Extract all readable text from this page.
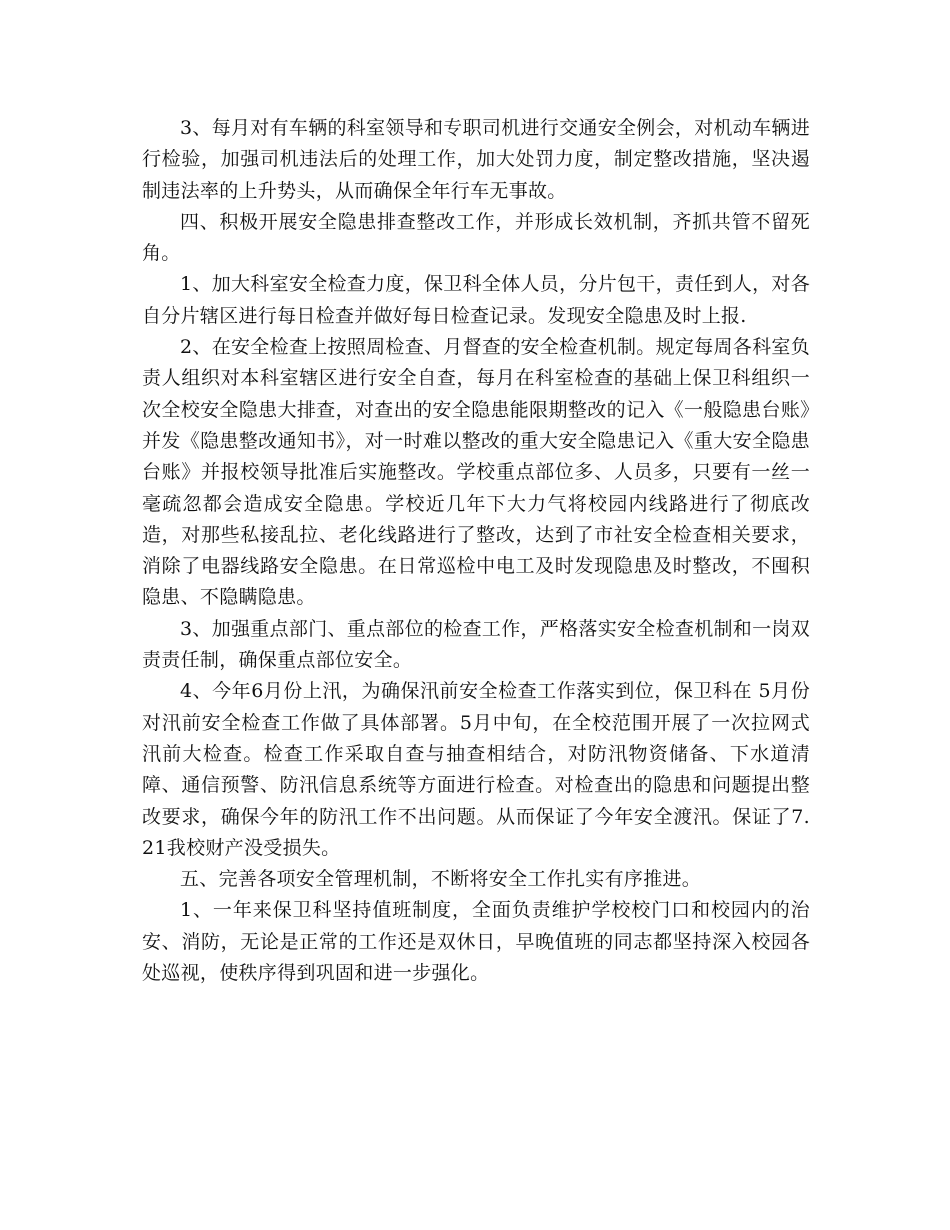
3、每月对有车辆的科室领导和专职司机进行交通安全例会，对机动车辆进行检验，加强司机违法后的处理工作，加大处罚力度，制定整改措施，坚决遏制违法率的上升势头，从而确保全年行车无事故。

四、积极开展安全隐患排查整改工作，并形成长效机制，齐抓共管不留死角。

1、加大科室安全检查力度，保卫科全体人员，分片包干，责任到人，对各自分片辖区进行每日检查并做好每日检查记录。发现安全隐患及时上报.

2、在安全检查上按照周检查、月督查的安全检查机制。规定每周各科室负责人组织对本科室辖区进行安全自查，每月在科室检查的基础上保卫科组织一次全校安全隐患大排查，对查出的安全隐患能限期整改的记入《一般隐患台账》并发《隐患整改通知书》，对一时难以整改的重大安全隐患记入《重大安全隐患台账》并报校领导批准后实施整改。学校重点部位多、人员多，只要有一丝一毫疏忽都会造成安全隐患。学校近几年下大力气将校园内线路进行了彻底改造，对那些私接乱拉、老化线路进行了整改，达到了市社安全检查相关要求，消除了电器线路安全隐患。在日常巡检中电工及时发现隐患及时整改，不囤积隐患、不隐瞒隐患。

3、加强重点部门、重点部位的检查工作，严格落实安全检查机制和一岗双责责任制，确保重点部位安全。

4、今年6月份上汛，为确保汛前安全检查工作落实到位，保卫科在 5月份对汛前安全检查工作做了具体部署。5月中旬，在全校范围开展了一次拉网式汛前大检查。检查工作采取自查与抽查相结合，对防汛物资储备、下水道清障、通信预警、防汛信息系统等方面进行检查。对检查出的隐患和问题提出整改要求，确保今年的防汛工作不出问题。从而保证了今年安全渡汛。保证了7.21我校财产没受损失。

五、完善各项安全管理机制，不断将安全工作扎实有序推进。

1、一年来保卫科坚持值班制度，全面负责维护学校校门口和校园内的治安、消防，无论是正常的工作还是双休日，早晚值班的同志都坚持深入校园各处巡视，使秩序得到巩固和进一步强化。
